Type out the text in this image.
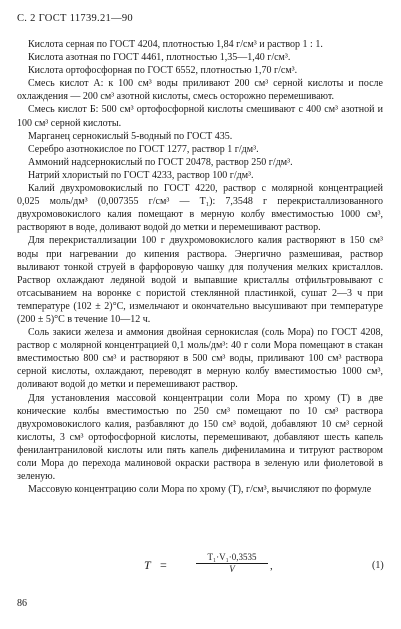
С. 2 ГОСТ 11739.21—90

Кислота серная по ГОСТ 4204, плотностью 1,84 г/см³ и раствор 1 : 1.

Кислота азотная по ГОСТ 4461, плотностью 1,35—1,40 г/см³.

Кислота ортофосфорная по ГОСТ 6552, плотностью 1,70 г/см³.

Смесь кислот А: к 100 см³ воды приливают 200 см³ серной кислоты и после охлаждения — 200 см³ азотной кислоты, смесь осторожно перемешивают.

Смесь кислот Б: 500 см³ ортофосфорной кислоты смешивают с 400 см³ азотной и 100 см³ серной кислоты.

Марганец сернокислый 5-водный по ГОСТ 435.

Серебро азотнокислое по ГОСТ 1277, раствор 1 г/дм³.

Аммоний надсернокислый по ГОСТ 20478, раствор 250 г/дм³.

Натрий хлористый по ГОСТ 4233, раствор 100 г/дм³.

Калий двухромовокислый по ГОСТ 4220, раствор с молярной концентрацией 0,025 моль/дм³ (0,007355 г/см³ — T₁): 7,3548 г перекристаллизованного двухромовокислого калия помещают в мерную колбу вместимостью 1000 см³, растворяют в воде, доливают водой до метки и перемешивают раствор.

Для перекристаллизации 100 г двухромовокислого калия растворяют в 150 см³ воды при нагревании до кипения раствора. Энергично размешивая, раствор выливают тонкой струей в фарфоровую чашку для получения мелких кристаллов. Раствор охлаждают ледяной водой и выпавшие кристаллы отфильтровывают с отсасыванием на воронке с пористой стеклянной пластинкой, сушат 2—3 ч при температуре (102 ± 2)°С, измельчают и окончательно высушивают при температуре (200 ± 5)°С в течение 10—12 ч.

Соль закиси железа и аммония двойная сернокислая (соль Мора) по ГОСТ 4208, раствор с молярной концентрацией 0,1 моль/дм³: 40 г соли Мора помещают в стакан вместимостью 800 см³ и растворяют в 500 см³ воды, приливают 100 см³ раствора серной кислоты, охлаждают, переводят в мерную колбу вместимостью 1000 см³, доливают водой до метки и перемешивают раствор.

Для установления массовой концентрации соли Мора по хрому (T) в две конические колбы вместимостью по 250 см³ помещают по 10 см³ раствора двухромовокислого калия, разбавляют до 150 см³ водой, добавляют 10 см³ серной кислоты, 3 см³ ортофосфорной кислоты, перемешивают, добавляют шесть капель фенилантраниловой кислоты или пять капель дифениламина и титруют раствором соли Мора до перехода малиновой окраски раствора в зеленую или фиолетовой в зеленую.

Массовую концентрацию соли Мора по хрому (T), г/см³, вычисляют по формуле

T =	$\frac{\text{T₁·V₁·0,3535}}{V}$ ,	(1)
86
